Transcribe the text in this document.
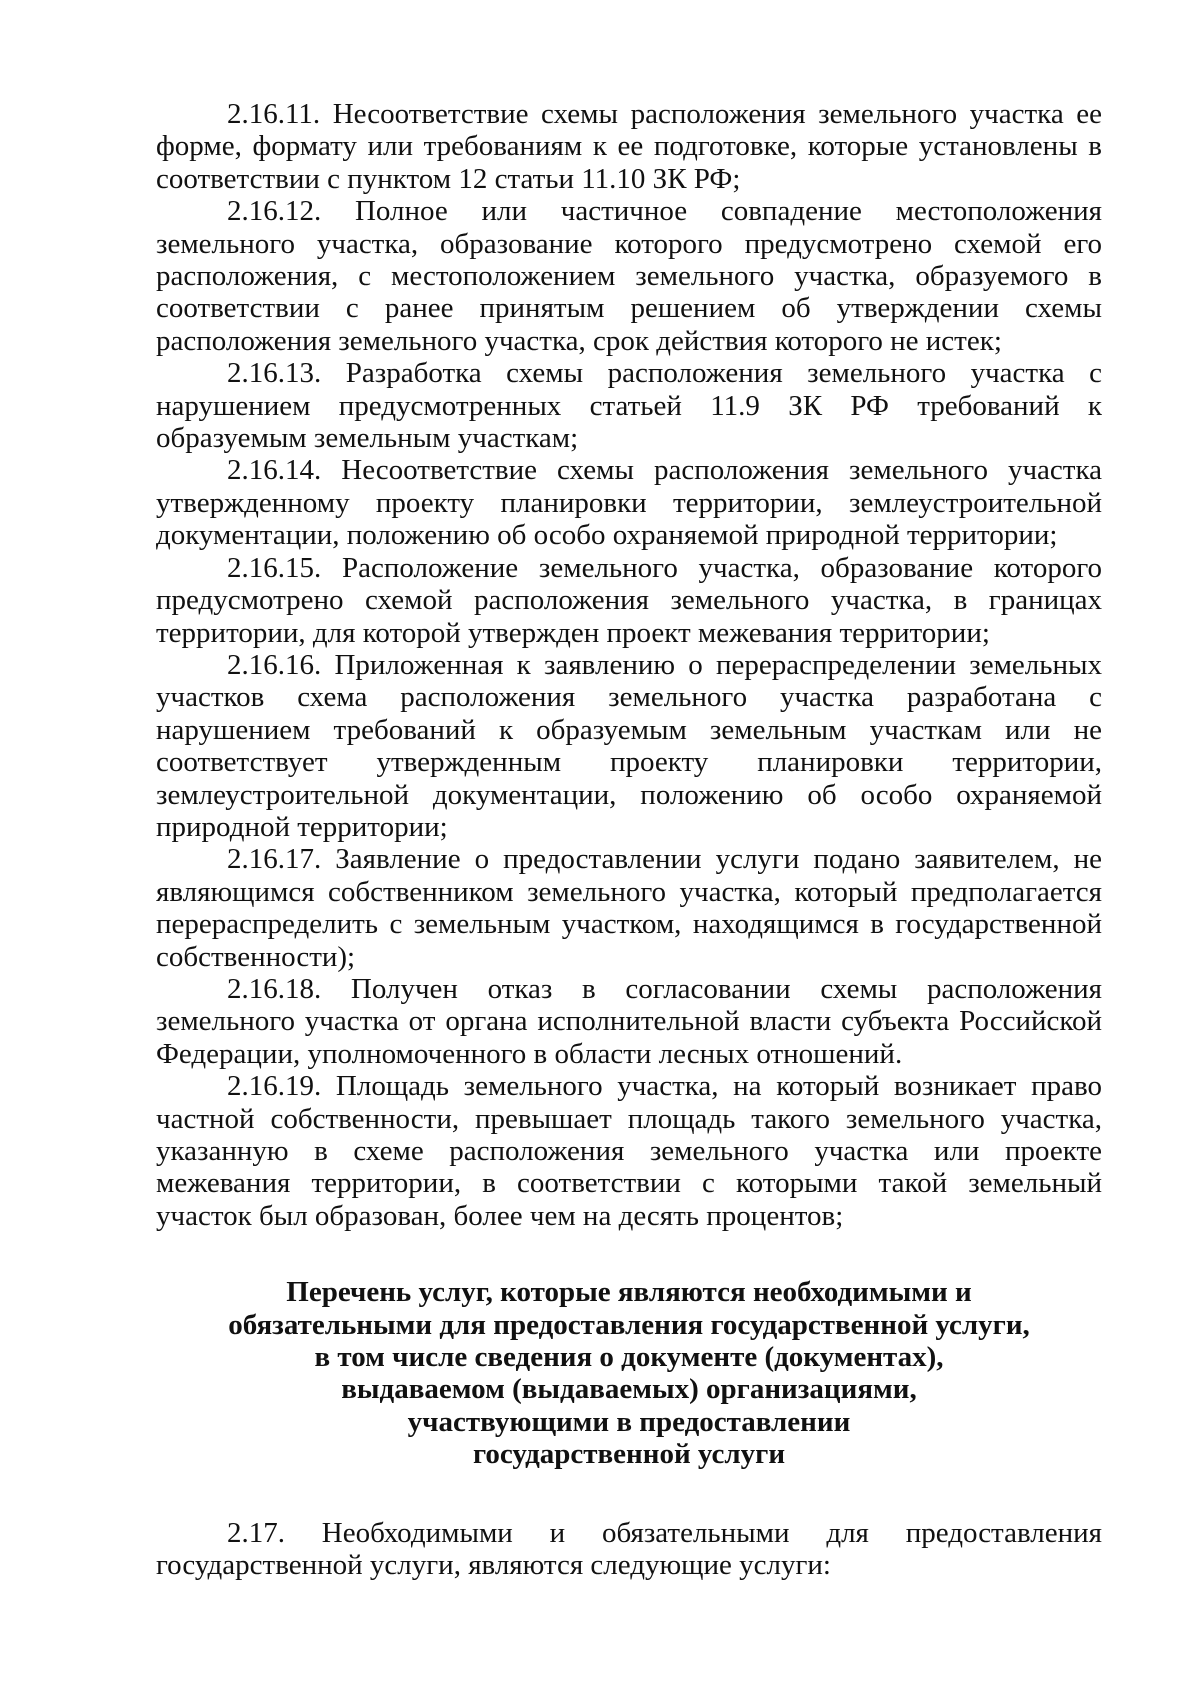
2.16.11. Несоответствие схемы расположения земельного участка ее форме, формату или требованиям к ее подготовке, которые установлены в соответствии с пунктом 12 статьи 11.10 ЗК РФ;

2.16.12. Полное или частичное совпадение местоположения земельного участка, образование которого предусмотрено схемой его расположения, с местоположением земельного участка, образуемого в соответствии с ранее принятым решением об утверждении схемы расположения земельного участка, срок действия которого не истек;

2.16.13. Разработка схемы расположения земельного участка с нарушением предусмотренных статьей 11.9 ЗК РФ требований к образуемым земельным участкам;

2.16.14. Несоответствие схемы расположения земельного участка утвержденному проекту планировки территории, землеустроительной документации, положению об особо охраняемой природной территории;

2.16.15. Расположение земельного участка, образование которого предусмотрено схемой расположения земельного участка, в границах территории, для которой утвержден проект межевания территории;

2.16.16. Приложенная к заявлению о перераспределении земельных участков схема расположения земельного участка разработана с нарушением требований к образуемым земельным участкам или не соответствует утвержденным проекту планировки территории, землеустроительной документации, положению об особо охраняемой природной территории;

2.16.17. Заявление о предоставлении услуги подано заявителем, не являющимся собственником земельного участка, который предполагается перераспределить с земельным участком, находящимся в государственной собственности);

2.16.18. Получен отказ в согласовании схемы расположения земельного участка от органа исполнительной власти субъекта Российской Федерации, уполномоченного в области лесных отношений.

2.16.19. Площадь земельного участка, на который возникает право частной собственности, превышает площадь такого земельного участка, указанную в схеме расположения земельного участка или проекте межевания территории, в соответствии с которыми такой земельный участок был образован, более чем на десять процентов;

Перечень услуг, которые являются необходимыми и
обязательными для предоставления государственной услуги,
в том числе сведения о документе (документах),
выдаваемом (выдаваемых) организациями,
участвующими в предоставлении
государственной услуги

2.17. Необходимыми и обязательными для предоставления государственной услуги, являются следующие услуги:
